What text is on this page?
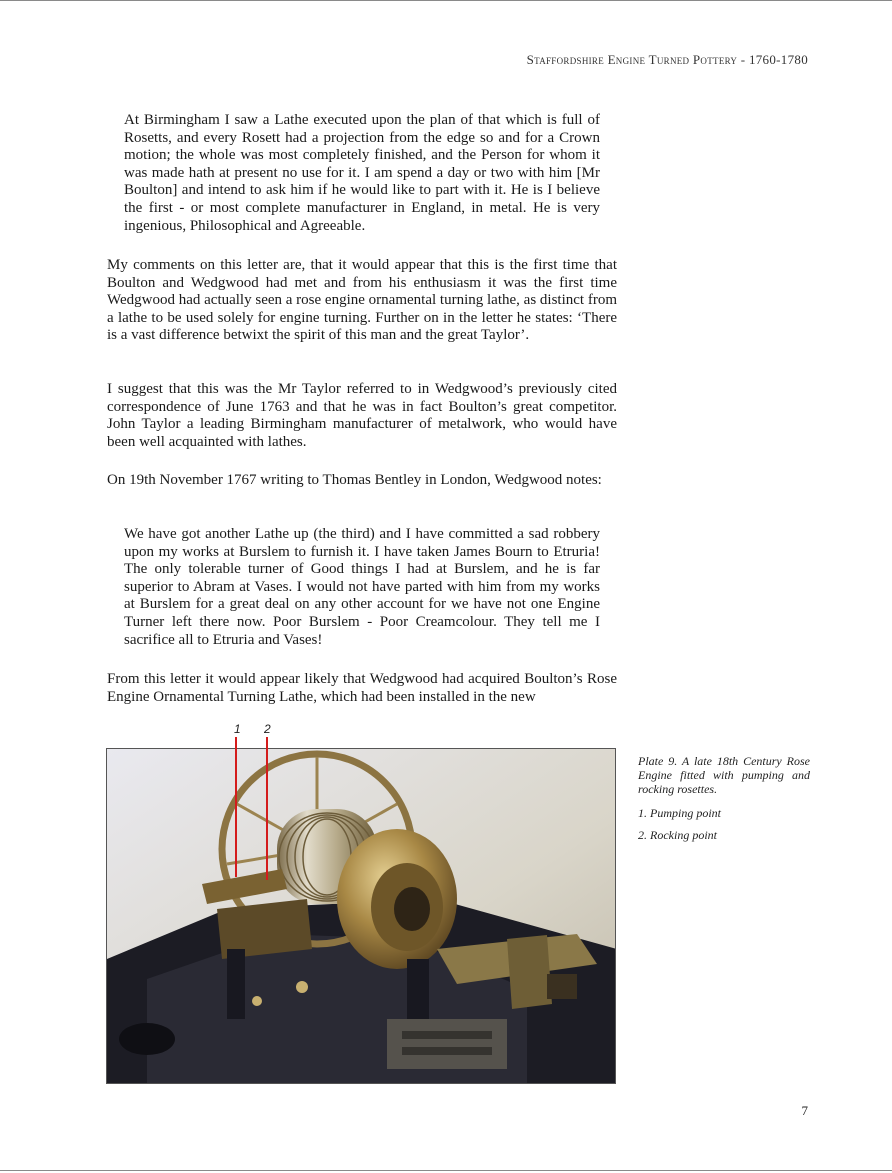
Staffordshire Engine Turned Pottery - 1760-1780

At Birmingham I saw a Lathe executed upon the plan of that which is full of Rosetts, and every Rosett had a projection from the edge so and for a Crown motion; the whole was most completely finished, and the Person for whom it was made hath at present no use for it. I am spend a day or two with him [Mr Boulton] and intend to ask him if he would like to part with it. He is I believe the first - or most complete manufacturer in England, in metal. He is very ingenious, Philosophical and Agreeable.

My comments on this letter are, that it would appear that this is the first time that Boulton and Wedgwood had met and from his enthusiasm it was the first time Wedgwood had actually seen a rose engine ornamental turning lathe, as distinct from a lathe to be used solely for engine turning. Further on in the letter he states: ‘There is a vast difference betwixt the spirit of this man and the great Taylor’.

I suggest that this was the Mr Taylor referred to in Wedgwood’s previously cited correspondence of June 1763 and that he was in fact Boulton’s great competitor. John Taylor a leading Birmingham manufacturer of metalwork, who would have been well acquainted with lathes.

On 19th November 1767 writing to Thomas Bentley in London, Wedgwood notes:

We have got another Lathe up (the third) and I have committed a sad robbery upon my works at Burslem to furnish it. I have taken James Bourn to Etruria! The only tolerable turner of Good things I had at Burslem, and he is far superior to Abram at Vases. I would not have parted with him from my works at Burslem for a great deal on any other account for we have not one Engine Turner left there now. Poor Burslem - Poor Creamcolour. They tell me I sacrifice all to Etruria and Vases!

From this letter it would appear likely that Wedgwood had acquired Boulton’s Rose Engine Ornamental Turning Lathe, which had been installed in the new

1 2

Plate 9. A late 18th Century Rose Engine fitted with pumping and rocking rosettes.

1. Pumping point

2. Rocking point

7
